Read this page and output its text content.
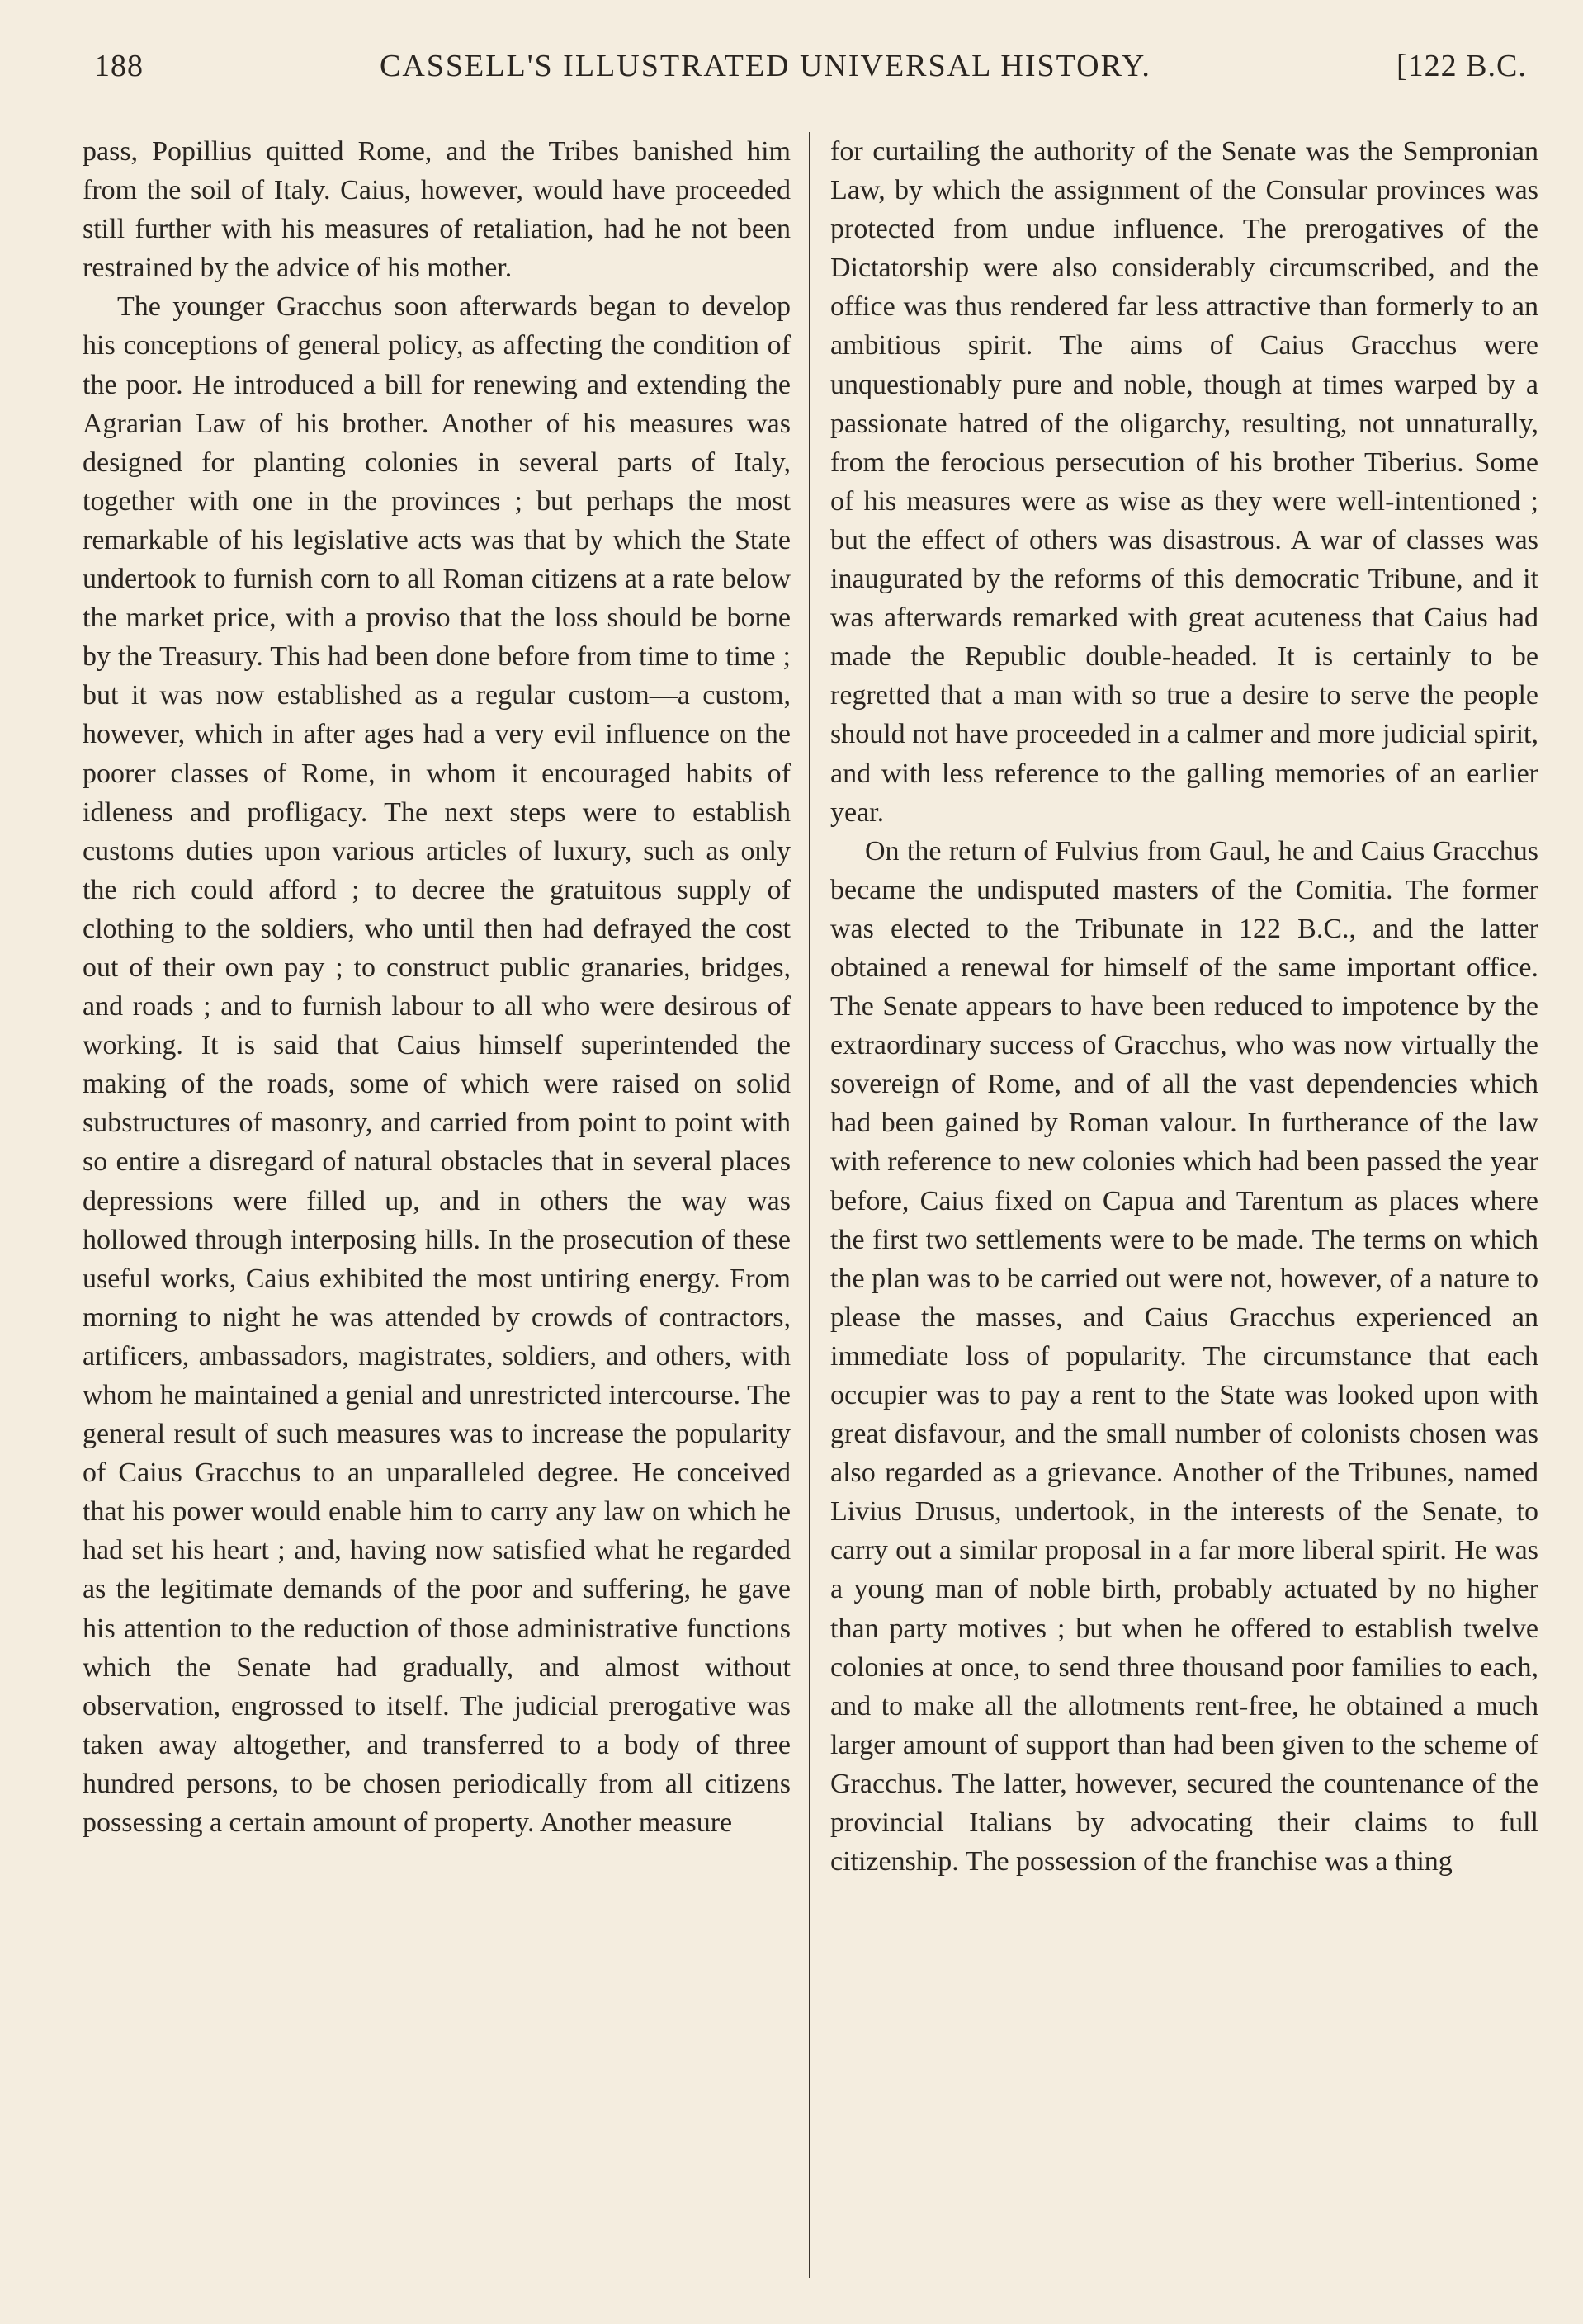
188	CASSELL'S ILLUSTRATED UNIVERSAL HISTORY.	[122 B.C.

pass, Popillius quitted Rome, and the Tribes banished him from the soil of Italy. Caius, however, would have proceeded still further with his measures of retaliation, had he not been restrained by the advice of his mother.

The younger Gracchus soon afterwards began to develop his conceptions of general policy, as affecting the condition of the poor. He introduced a bill for renewing and extending the Agrarian Law of his brother. Another of his measures was designed for planting colonies in several parts of Italy, together with one in the provinces ; but perhaps the most remarkable of his legislative acts was that by which the State undertook to furnish corn to all Roman citizens at a rate below the market price, with a proviso that the loss should be borne by the Treasury. This had been done before from time to time ; but it was now established as a regular custom—a custom, however, which in after ages had a very evil influence on the poorer classes of Rome, in whom it encouraged habits of idleness and profligacy. The next steps were to establish customs duties upon various articles of luxury, such as only the rich could afford ; to decree the gratuitous supply of clothing to the soldiers, who until then had defrayed the cost out of their own pay ; to construct public granaries, bridges, and roads ; and to furnish labour to all who were desirous of working. It is said that Caius himself superintended the making of the roads, some of which were raised on solid substructures of masonry, and carried from point to point with so entire a disregard of natural obstacles that in several places depressions were filled up, and in others the way was hollowed through interposing hills. In the prosecution of these useful works, Caius exhibited the most untiring energy. From morning to night he was attended by crowds of contractors, artificers, ambassadors, magistrates, soldiers, and others, with whom he maintained a genial and unrestricted intercourse. The general result of such measures was to increase the popularity of Caius Gracchus to an unparalleled degree. He conceived that his power would enable him to carry any law on which he had set his heart ; and, having now satisfied what he regarded as the legitimate demands of the poor and suffering, he gave his attention to the reduction of those administrative functions which the Senate had gradually, and almost without observation, engrossed to itself. The judicial prerogative was taken away altogether, and transferred to a body of three hundred persons, to be chosen periodically from all citizens possessing a certain amount of property. Another measure

for curtailing the authority of the Senate was the Sempronian Law, by which the assignment of the Consular provinces was protected from undue influence. The prerogatives of the Dictatorship were also considerably circumscribed, and the office was thus rendered far less attractive than formerly to an ambitious spirit. The aims of Caius Gracchus were unquestionably pure and noble, though at times warped by a passionate hatred of the oligarchy, resulting, not unnaturally, from the ferocious persecution of his brother Tiberius. Some of his measures were as wise as they were well-intentioned ; but the effect of others was disastrous. A war of classes was inaugurated by the reforms of this democratic Tribune, and it was afterwards remarked with great acuteness that Caius had made the Republic double-headed. It is certainly to be regretted that a man with so true a desire to serve the people should not have proceeded in a calmer and more judicial spirit, and with less reference to the galling memories of an earlier year.

On the return of Fulvius from Gaul, he and Caius Gracchus became the undisputed masters of the Comitia. The former was elected to the Tribunate in 122 B.C., and the latter obtained a renewal for himself of the same important office. The Senate appears to have been reduced to impotence by the extraordinary success of Gracchus, who was now virtually the sovereign of Rome, and of all the vast dependencies which had been gained by Roman valour. In furtherance of the law with reference to new colonies which had been passed the year before, Caius fixed on Capua and Tarentum as places where the first two settlements were to be made. The terms on which the plan was to be carried out were not, however, of a nature to please the masses, and Caius Gracchus experienced an immediate loss of popularity. The circumstance that each occupier was to pay a rent to the State was looked upon with great disfavour, and the small number of colonists chosen was also regarded as a grievance. Another of the Tribunes, named Livius Drusus, undertook, in the interests of the Senate, to carry out a similar proposal in a far more liberal spirit. He was a young man of noble birth, probably actuated by no higher than party motives ; but when he offered to establish twelve colonies at once, to send three thousand poor families to each, and to make all the allotments rent-free, he obtained a much larger amount of support than had been given to the scheme of Gracchus. The latter, however, secured the countenance of the provincial Italians by advocating their claims to full citizenship. The possession of the franchise was a thing
